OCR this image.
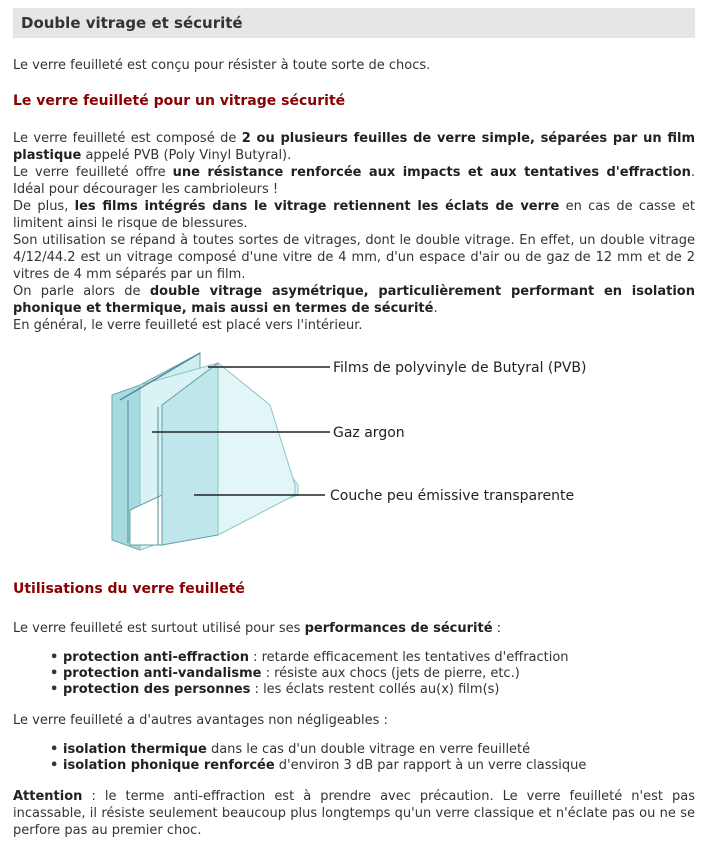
Double vitrage et sécurité

Le verre feuilleté est conçu pour résister à toute sorte de chocs.

Le verre feuilleté pour un vitrage sécurité
Le verre feuilleté est composé de 2 ou plusieurs feuilles de verre simple, séparées par un film plastique appelé PVB (Poly Vinyl Butyral).
Le verre feuilleté offre une résistance renforcée aux impacts et aux tentatives d'effraction. Idéal pour décourager les cambrioleurs !
De plus, les films intégrés dans le vitrage retiennent les éclats de verre en cas de casse et limitent ainsi le risque de blessures.
Son utilisation se répand à toutes sortes de vitrages, dont le double vitrage. En effet, un double vitrage 4/12/44.2 est un vitrage composé d'une vitre de 4 mm, d'un espace d'air ou de gaz de 12 mm et de 2 vitres de 4 mm séparés par un film.
On parle alors de double vitrage asymétrique, particulièrement performant en isolation phonique et thermique, mais aussi en termes de sécurité.
En général, le verre feuilleté est placé vers l'intérieur.
Films de polyvinyle de Butyral (PVB)
Gaz argon
Couche peu émissive transparente
Utilisations du verre feuilleté

Le verre feuilleté est surtout utilisé pour ses performances de sécurité :

• protection anti-effraction : retarde efficacement les tentatives d'effraction
• protection anti-vandalisme : résiste aux chocs (jets de pierre, etc.)
• protection des personnes : les éclats restent collés au(x) film(s)

Le verre feuilleté a d'autres avantages non négligeables :

• isolation thermique dans le cas d'un double vitrage en verre feuilleté
• isolation phonique renforcée d'environ 3 dB par rapport à un verre classique

Attention : le terme anti-effraction est à prendre avec précaution. Le verre feuilleté n'est pas incassable, il résiste seulement beaucoup plus longtemps qu'un verre classique et n'éclate pas ou ne se perfore pas au premier choc.
